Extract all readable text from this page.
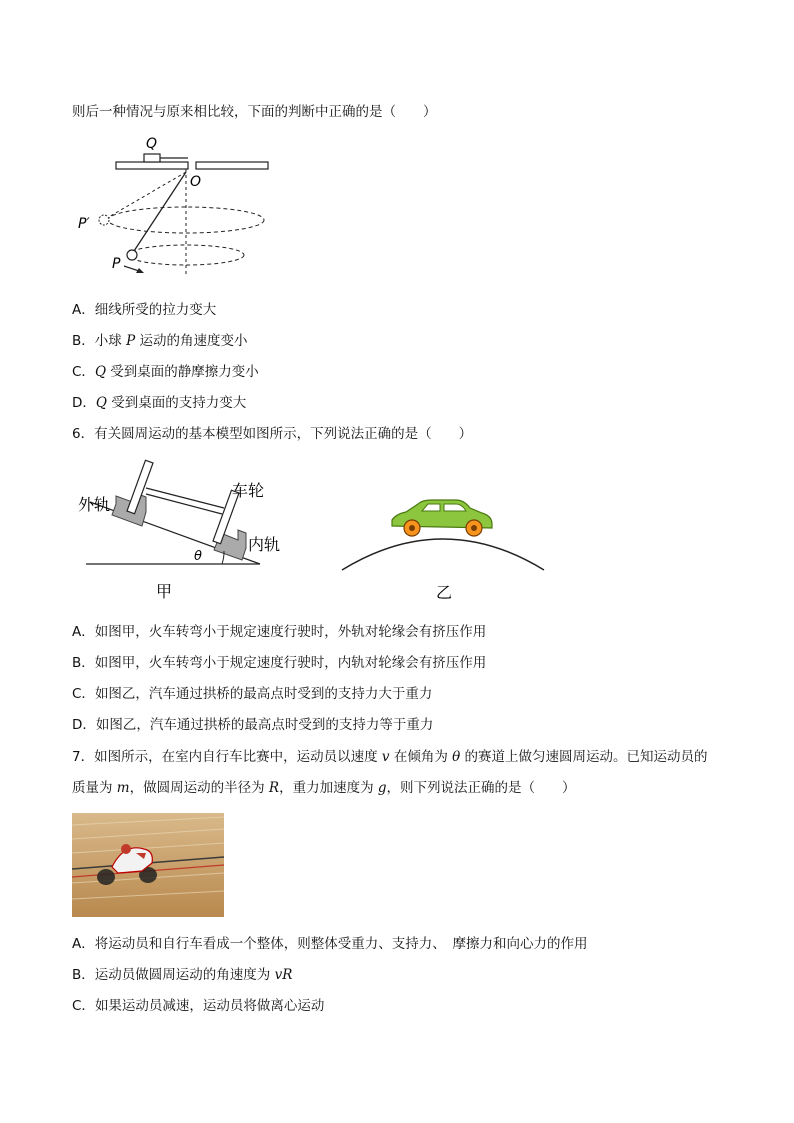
则后一种情况与原来相比较，下面的判断中正确的是（　　）
Q
O
P′
P
A．细线所受的拉力变大
B．小球 P 运动的角速度变小
C．Q 受到桌面的静摩擦力变小
D．Q 受到桌面的支持力变大
6．有关圆周运动的基本模型如图所示，下列说法正确的是（　　）
θ
外轨
车轮
内轨
甲	乙
A．如图甲，火车转弯小于规定速度行驶时，外轨对轮缘会有挤压作用
B．如图甲，火车转弯小于规定速度行驶时，内轨对轮缘会有挤压作用
C．如图乙，汽车通过拱桥的最高点时受到的支持力大于重力
D．如图乙，汽车通过拱桥的最高点时受到的支持力等于重力
7．如图所示，在室内自行车比赛中，运动员以速度 v 在倾角为 θ 的赛道上做匀速圆周运动。已知运动员的
质量为 m，做圆周运动的半径为 R，重力加速度为 g，则下列说法正确的是（　　）
A．将运动员和自行车看成一个整体，则整体受重力、支持力、　摩擦力和向心力的作用
B．运动员做圆周运动的角速度为 vR
C．如果运动员减速，运动员将做离心运动
